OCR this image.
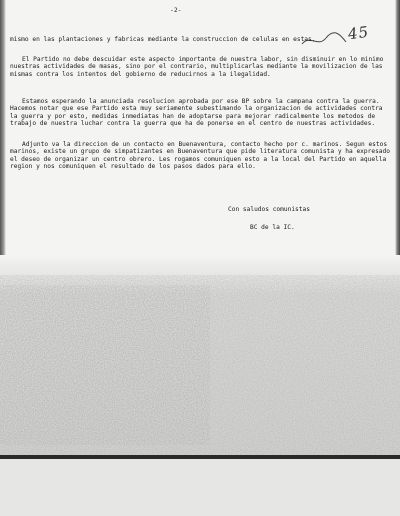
-2-
45
mismo en las plantaciones y fabricas mediante la construccion de celulas en estas.
El Partido no debe descuidar este aspecto importante de nuestra labor, sin disminuir en lo minimo nuestras actividades de masas, sino por el contrario, multiplicarlas mediante la movilizacion de las mismas contra los intentos del gobierno de reducirnos a la ilegalidad.
Estamos esperando la anunciada resolucion aprobada por ese BP sobre la campana contra la guerra. Hacemos notar que ese Partido esta muy seriamente subestimando la organizacion de actividades contra la guerra y por esto, medidas inmediatas han de adoptarse para mejorar radicalmente los metodos de trabajo de nuestra luchar contra la guerra que ha de ponerse en el centro de nuestras actividades.
Adjunto va la direccion de un contacto en Buenaventura, contacto hecho por c. marinos. Segun estos marinos, existe un grupo de simpatizantes en Buenaventura que pide literatura comunista y ha expresado el deseo de organizar un centro obrero. Les rogamos comuniquen esto a la local del Partido en aquella region y nos comuniquen el resultado de los pasos dados para ello.
Con saludos comunistas
BC de la IC.
